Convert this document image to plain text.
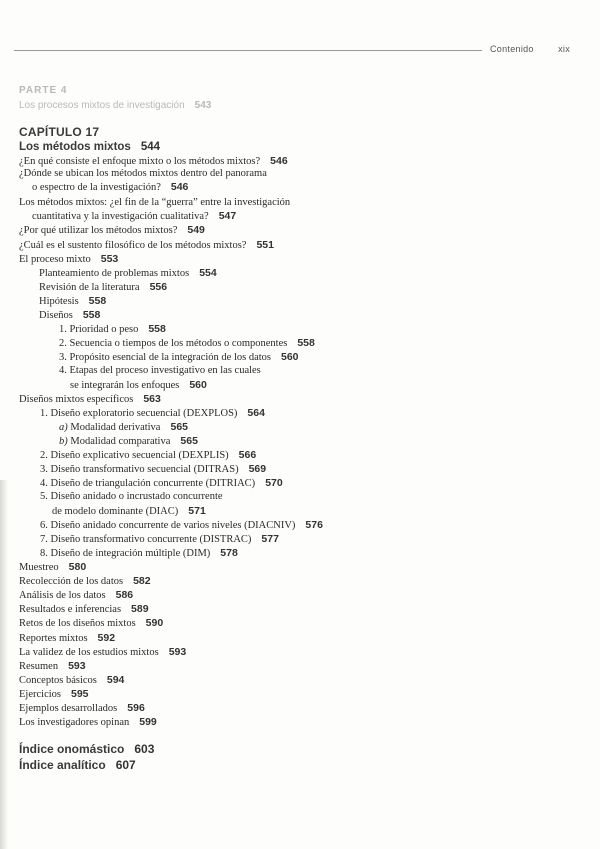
Contenido	xix
PARTE 4
Los procesos mixtos de investigación 543
CAPÍTULO 17
Los métodos mixtos 544
¿En qué consiste el enfoque mixto o los métodos mixtos? 546
¿Dónde se ubican los métodos mixtos dentro del panorama
o espectro de la investigación? 546
Los métodos mixtos: ¿el fin de la “guerra” entre la investigación
cuantitativa y la investigación cualitativa? 547
¿Por qué utilizar los métodos mixtos? 549
¿Cuál es el sustento filosófico de los métodos mixtos? 551
El proceso mixto 553
Planteamiento de problemas mixtos 554
Revisión de la literatura 556
Hipótesis 558
Diseños 558
1. Prioridad o peso 558
2. Secuencia o tiempos de los métodos o componentes 558
3. Propósito esencial de la integración de los datos 560
4. Etapas del proceso investigativo en las cuales
se integrarán los enfoques 560
Diseños mixtos específicos 563
1. Diseño exploratorio secuencial (DEXPLOS) 564
a) Modalidad derivativa 565
b) Modalidad comparativa 565
2. Diseño explicativo secuencial (DEXPLIS) 566
3. Diseño transformativo secuencial (DITRAS) 569
4. Diseño de triangulación concurrente (DITRIAC) 570
5. Diseño anidado o incrustado concurrente
de modelo dominante (DIAC) 571
6. Diseño anidado concurrente de varios niveles (DIACNIV) 576
7. Diseño transformativo concurrente (DISTRAC) 577
8. Diseño de integración múltiple (DIM) 578
Muestreo 580
Recolección de los datos 582
Análisis de los datos 586
Resultados e inferencias 589
Retos de los diseños mixtos 590
Reportes mixtos 592
La validez de los estudios mixtos 593
Resumen 593
Conceptos básicos 594
Ejercicios 595
Ejemplos desarrollados 596
Los investigadores opinan 599
Índice onomástico 603
Índice analítico 607
